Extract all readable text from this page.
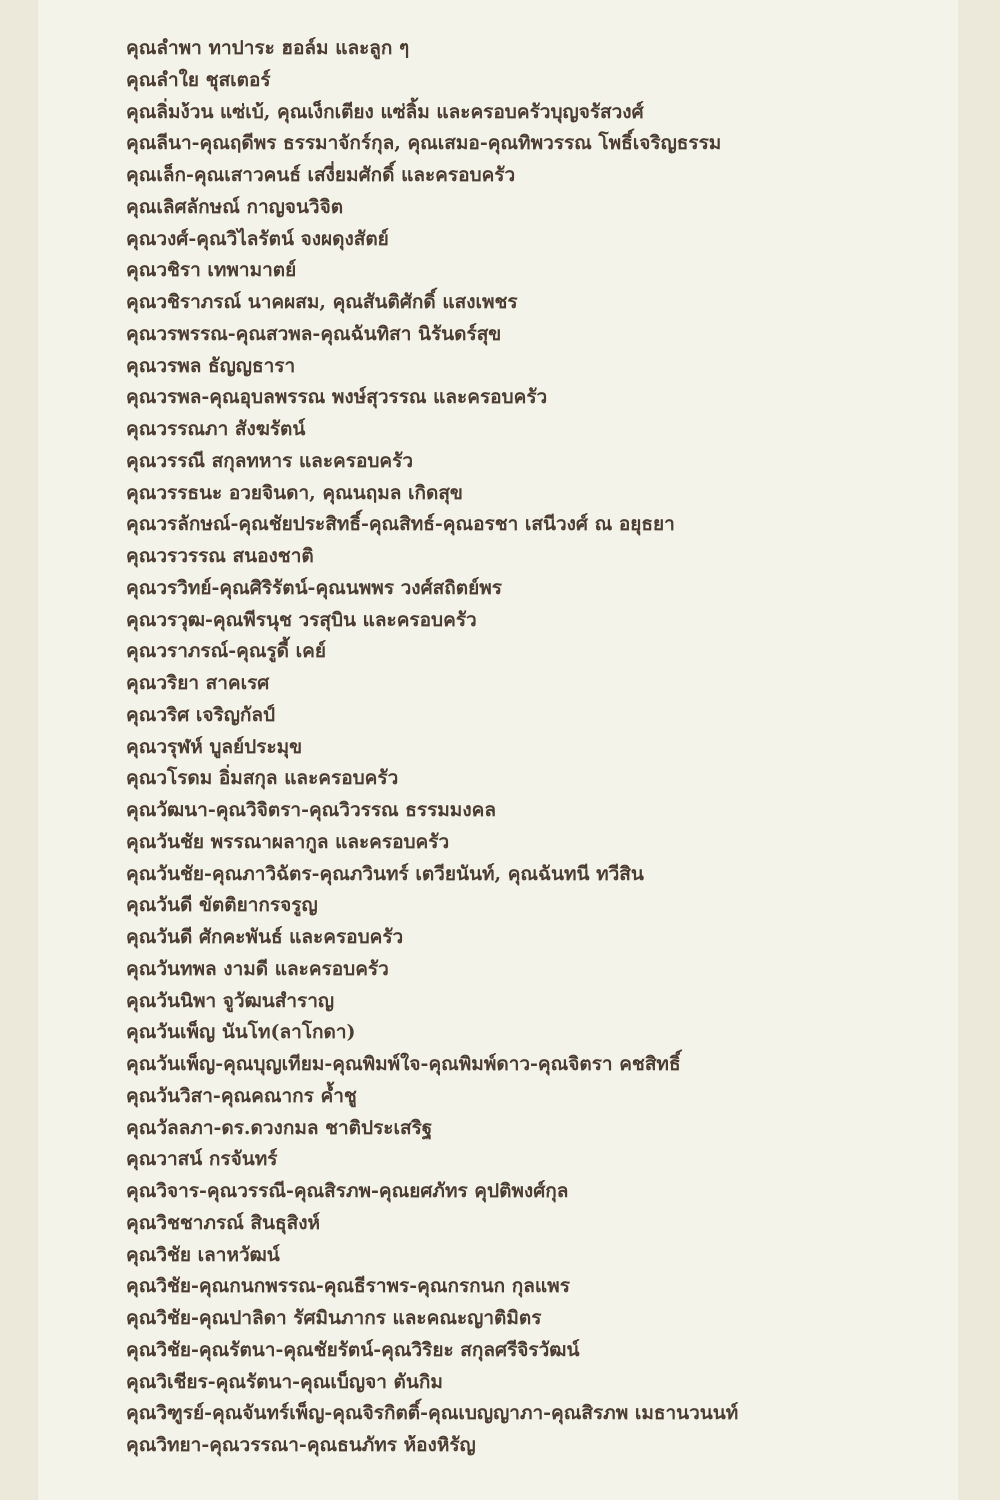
คุณลำพา ทาปาระ ฮอล์ม และลูก ๆ
คุณลำใย ชุสเตอร์
คุณลิ่มง้วน แซ่เบ้, คุณเง็กเตียง แซ่ลิ้ม และครอบครัวบุญจรัสวงศ์
คุณลีนา-คุณฤดีพร ธรรมาจักร์กุล, คุณเสมอ-คุณทิพวรรณ โพธิ์เจริญธรรม
คุณเล็ก-คุณเสาวคนธ์ เสงี่ยมศักดิ์ และครอบครัว
คุณเลิศลักษณ์ กาญจนวิจิต
คุณวงศ์-คุณวิไลรัตน์ จงผดุงสัตย์
คุณวชิรา เทพามาตย์
คุณวชิราภรณ์ นาคผสม, คุณสันติศักดิ์ แสงเพชร
คุณวรพรรณ-คุณสวพล-คุณฉันทิสา นิรันดร์สุข
คุณวรพล ธัญญธารา
คุณวรพล-คุณอุบลพรรณ พงษ์สุวรรณ และครอบครัว
คุณวรรณภา สังฆรัตน์
คุณวรรณี สกุลทหาร และครอบครัว
คุณวรรธนะ อวยจินดา, คุณนฤมล เกิดสุข
คุณวรลักษณ์-คุณชัยประสิทธิ์-คุณสิทธ์-คุณอรชา เสนีวงศ์ ณ อยุธยา
คุณวรวรรณ สนองชาติ
คุณวรวิทย์-คุณศิริรัตน์-คุณนพพร วงศ์สถิตย์พร
คุณวรวุฒ-คุณพีรนุช วรสุบิน และครอบครัว
คุณวราภรณ์-คุณรูดี้ เคย์
คุณวริยา สาคเรศ
คุณวริศ เจริญกัลป์
คุณวรุฬห์ บูลย์ประมุข
คุณวโรดม อิ่มสกุล และครอบครัว
คุณวัฒนา-คุณวิจิตรา-คุณวิวรรณ ธรรมมงคล
คุณวันชัย พรรณาผลากูล และครอบครัว
คุณวันชัย-คุณภาวิฉัตร-คุณภวินทร์ เตวียนันท์, คุณฉันทนี ทวีสิน
คุณวันดี ขัตติยากรจรูญ
คุณวันดี ศักคะพันธ์ และครอบครัว
คุณวันทพล งามดี และครอบครัว
คุณวันนิพา จูวัฒนสำราญ
คุณวันเพ็ญ นันโท(ลาโกดา)
คุณวันเพ็ญ-คุณบุญเทียม-คุณพิมพ์ใจ-คุณพิมพ์ดาว-คุณจิตรา คชสิทธิ์
คุณวันวิสา-คุณคณากร ค้ำชู
คุณวัลลภา-ดร.ดวงกมล ชาติประเสริฐ
คุณวาสน์ กรจันทร์
คุณวิจาร-คุณวรรณี-คุณสิรภพ-คุณยศภัทร คุปติพงศ์กุล
คุณวิชชาภรณ์ สินธุสิงห์
คุณวิชัย เลาหวัฒน์
คุณวิชัย-คุณกนกพรรณ-คุณธีราพร-คุณกรกนก กุลแพร
คุณวิชัย-คุณปาลิดา รัศมินภากร และคณะญาติมิตร
คุณวิชัย-คุณรัตนา-คุณชัยรัตน์-คุณวิริยะ สกุลศรีจิรวัฒน์
คุณวิเชียร-คุณรัตนา-คุณเบ็ญจา ตันกิม
คุณวิฑูรย์-คุณจันทร์เพ็ญ-คุณจิรกิตติ์-คุณเบญญาภา-คุณสิรภพ เมธานวนนท์
คุณวิทยา-คุณวรรณา-คุณธนภัทร ห้องหิรัญ
